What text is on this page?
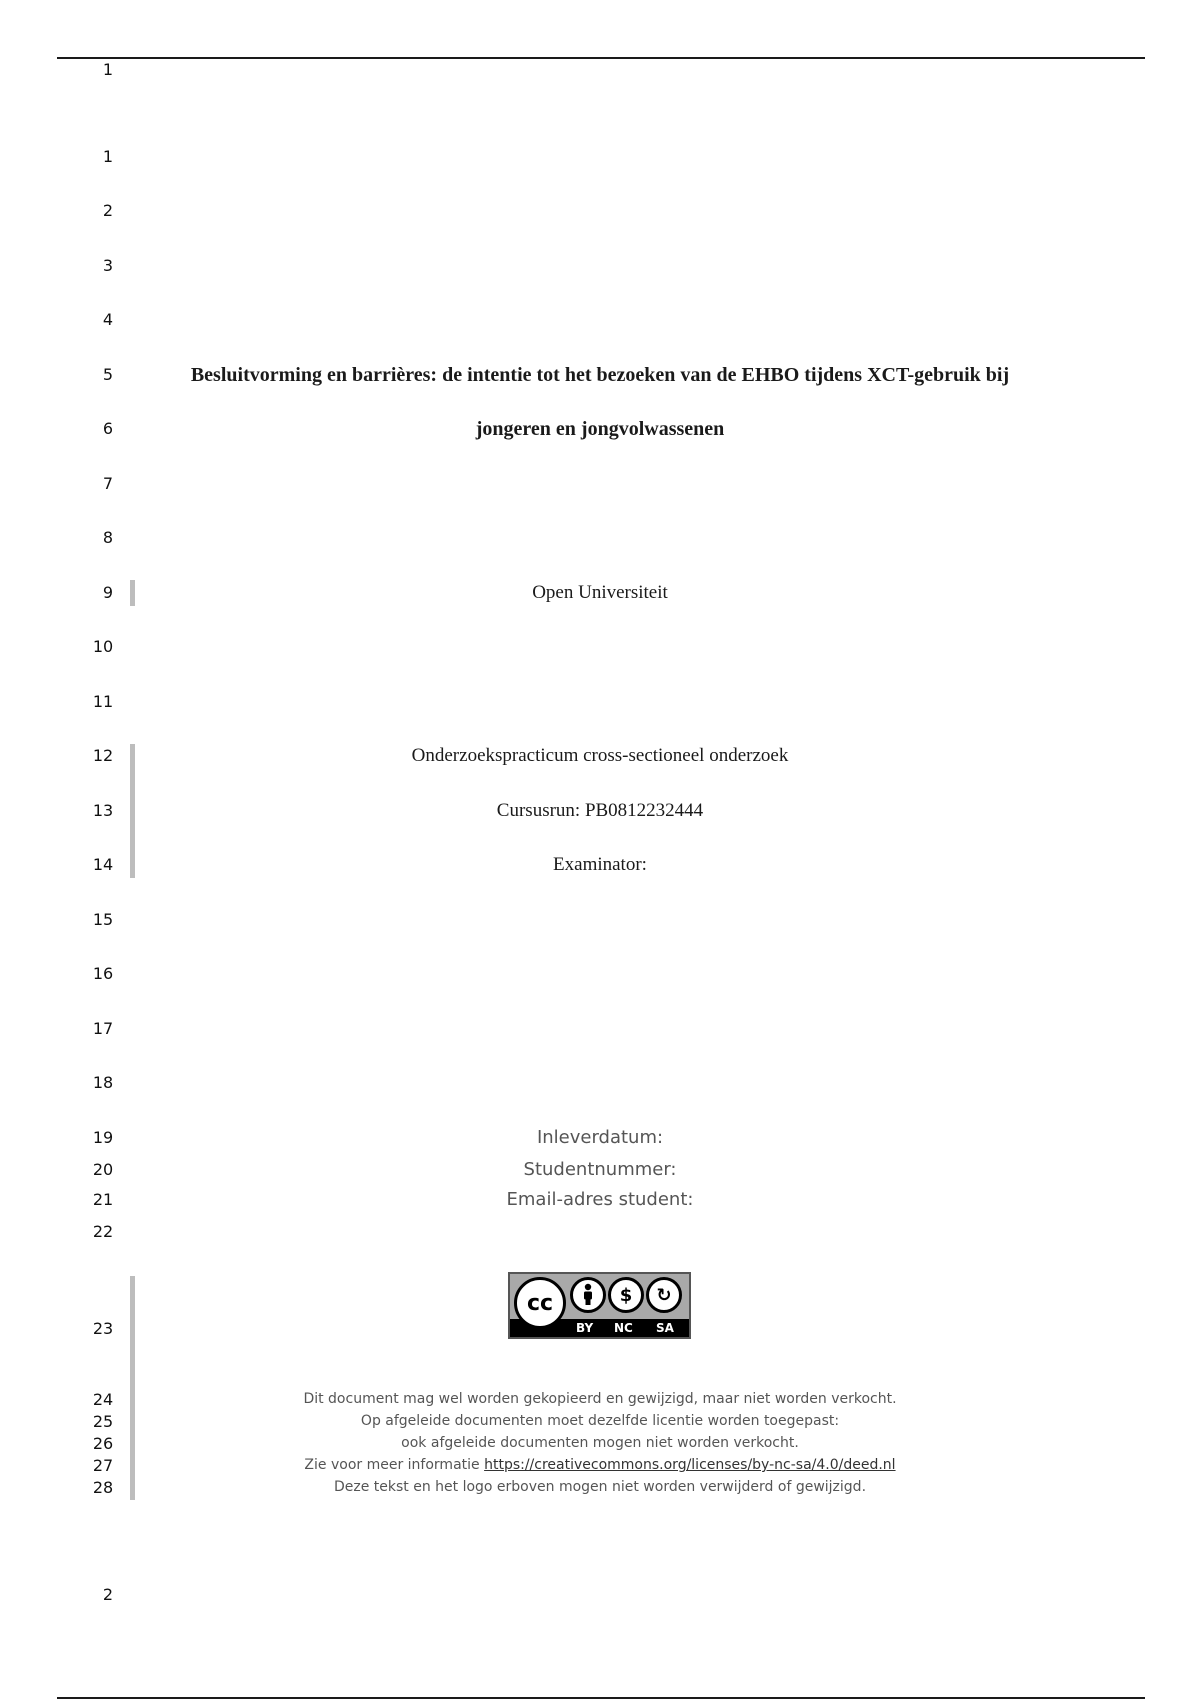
1
1
2
3
4
5
6
7
8
9
10
11
12
13
14
15
16
17
18
19
20
21
22
23
24
25
26
27
28
2
Besluitvorming en barrières: de intentie tot het bezoeken van de EHBO tijdens XCT-gebruik bij
jongeren en jongvolwassenen
Open Universiteit
Onderzoekspracticum cross-sectioneel onderzoek
Cursusrun: PB0812232444
Examinator:
Inleverdatum:
Studentnummer:
Email-adres student:
cc	$	↻
BY NC SA
Dit document mag wel worden gekopieerd en gewijzigd, maar niet worden verkocht.
Op afgeleide documenten moet dezelfde licentie worden toegepast:
ook afgeleide documenten mogen niet worden verkocht.
Zie voor meer informatie https://creativecommons.org/licenses/by-nc-sa/4.0/deed.nl
Deze tekst en het logo erboven mogen niet worden verwijderd of gewijzigd.
